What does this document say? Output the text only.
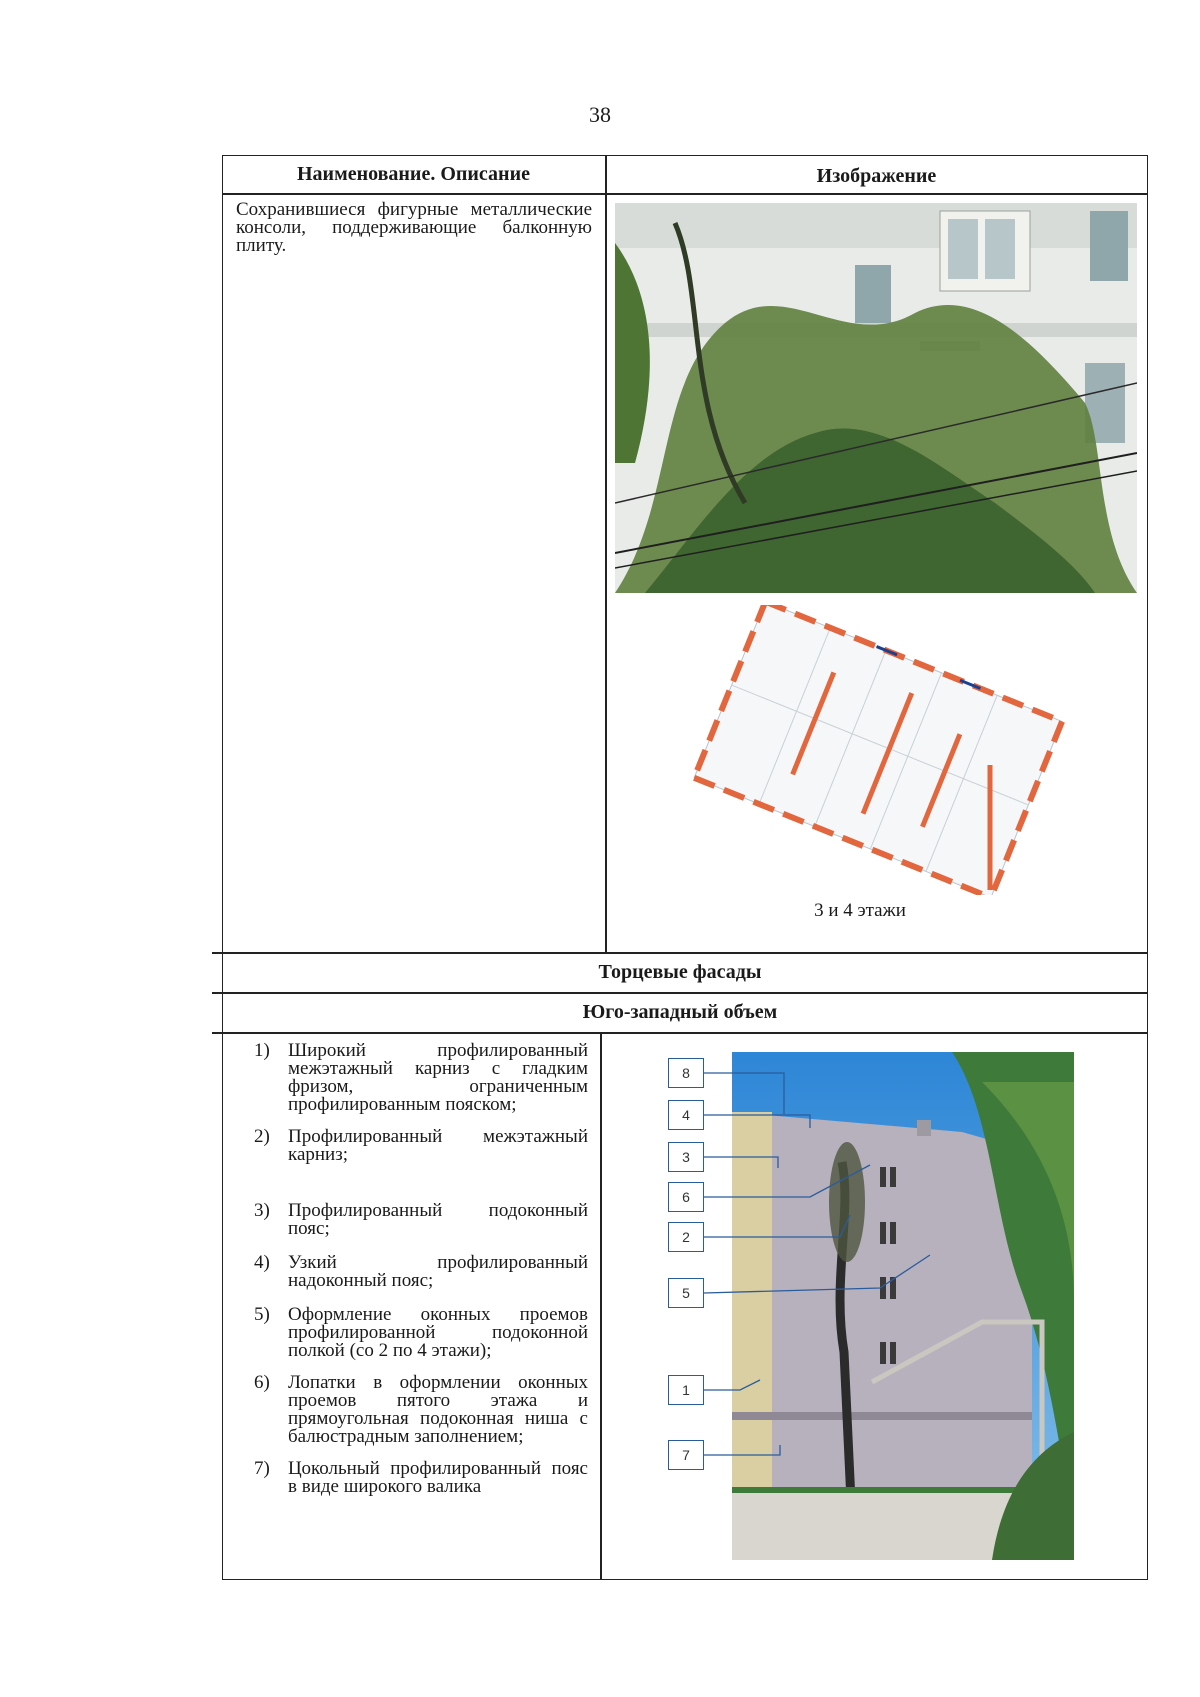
38
Наименование. Описание	Изображение
Сохранившиеся фигурные металлические консоли, поддерживающие балконную плиту.
3 и 4 этажи
Торцевые фасады
Юго-западный объем
1) Широкий профилированный межэтажный карниз с гладким фризом, ограниченным профилированным пояском;
2) Профилированный межэтажный карниз;
3) Профилированный подоконный пояс;
4) Узкий профилированный надоконный пояс;
5) Оформление оконных проемов профилированной подоконной полкой (со 2 по 4 этажи);
6) Лопатки в оформлении оконных проемов пятого этажа и прямоугольная подоконная ниша с балюстрадным заполнением;
7) Цокольный профилированный пояс в виде широкого валика
8
4
3
6
2
5
1
7
